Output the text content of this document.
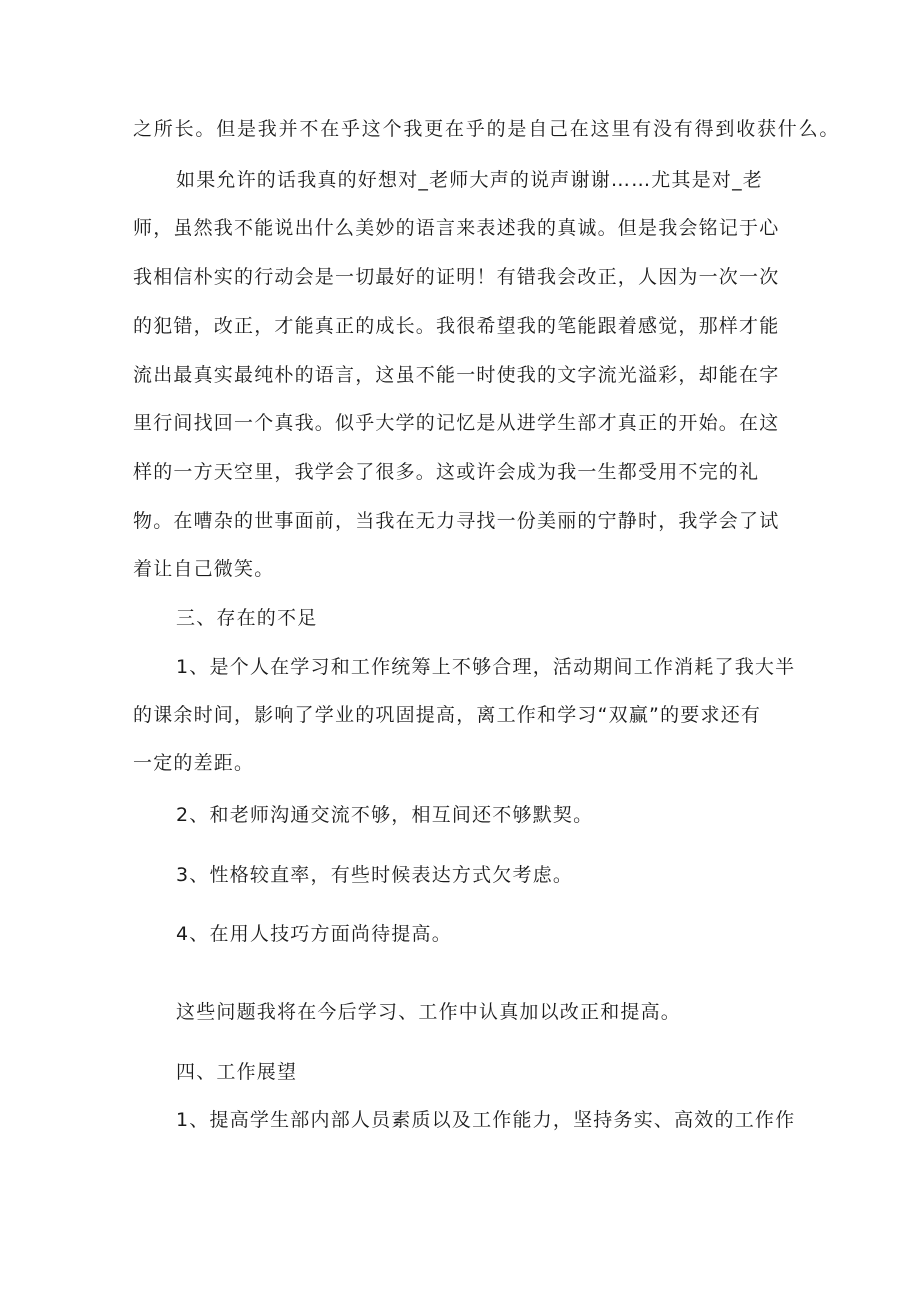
之所长。但是我并不在乎这个我更在乎的是自己在这里有没有得到收获什么。
如果允许的话我真的好想对_老师大声的说声谢谢……尤其是对_老
师，虽然我不能说出什么美妙的语言来表述我的真诚。但是我会铭记于心
我相信朴实的行动会是一切最好的证明！有错我会改正，人因为一次一次
的犯错，改正，才能真正的成长。我很希望我的笔能跟着感觉，那样才能
流出最真实最纯朴的语言，这虽不能一时使我的文字流光溢彩，却能在字
里行间找回一个真我。似乎大学的记忆是从进学生部才真正的开始。在这
样的一方天空里，我学会了很多。这或许会成为我一生都受用不完的礼
物。在嘈杂的世事面前，当我在无力寻找一份美丽的宁静时，我学会了试
着让自己微笑。
三、存在的不足
1、是个人在学习和工作统筹上不够合理，活动期间工作消耗了我大半
的课余时间，影响了学业的巩固提高，离工作和学习“双赢”的要求还有
一定的差距。
2、和老师沟通交流不够，相互间还不够默契。
3、性格较直率，有些时候表达方式欠考虑。
4、在用人技巧方面尚待提高。
这些问题我将在今后学习、工作中认真加以改正和提高。
四、工作展望
1、提高学生部内部人员素质以及工作能力，坚持务实、高效的工作作
